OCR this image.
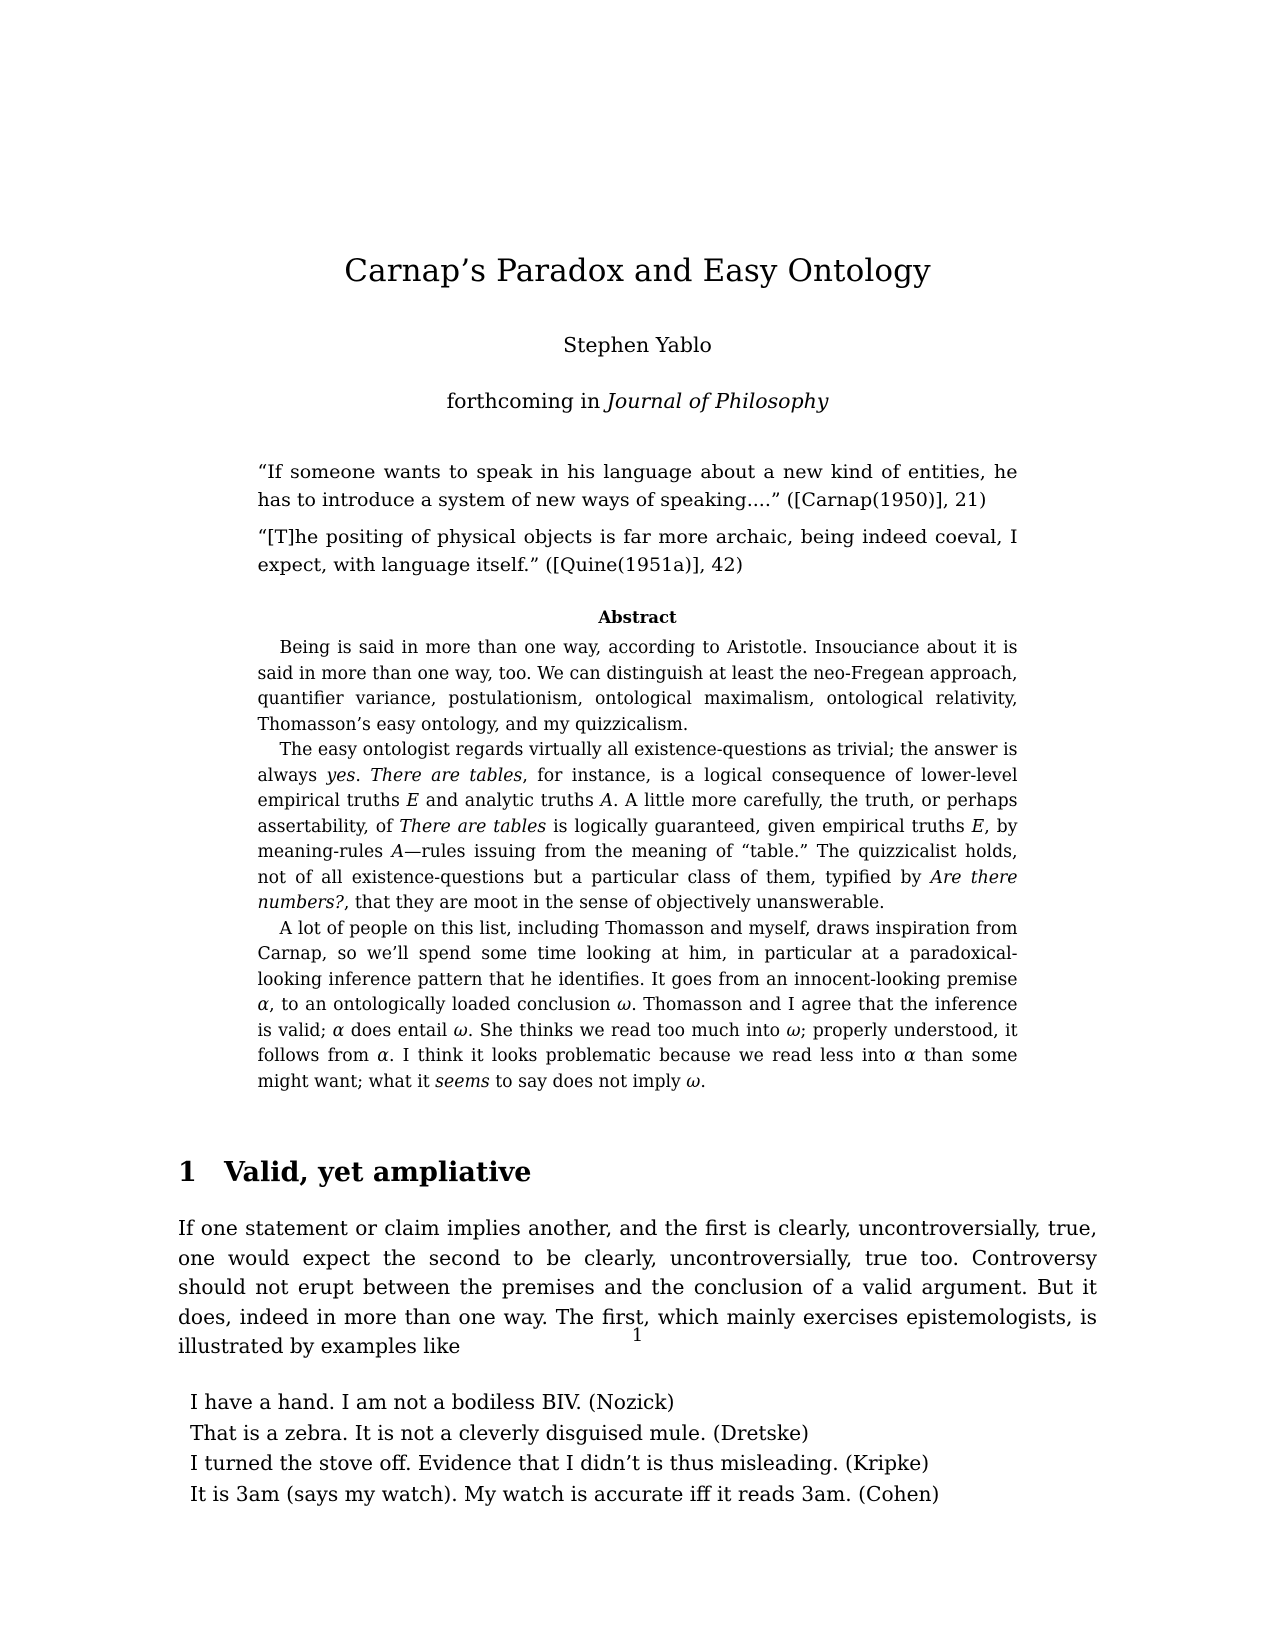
Carnap’s Paradox and Easy Ontology
Stephen Yablo
forthcoming in Journal of Philosophy

“If someone wants to speak in his language about a new kind of entities, he has to introduce a system of new ways of speaking....” ([Carnap(1950)], 21)

“[T]he positing of physical objects is far more archaic, being indeed coeval, I expect, with language itself.” ([Quine(1951a)], 42)

Abstract

Being is said in more than one way, according to Aristotle. Insouciance about it is said in more than one way, too. We can distinguish at least the neo-Fregean approach, quantifier variance, postulationism, ontological maximalism, ontological relativity, Thomasson’s easy ontology, and my quizzicalism.

The easy ontologist regards virtually all existence-questions as trivial; the answer is always yes. There are tables, for instance, is a logical consequence of lower-level empirical truths E and analytic truths A. A little more carefully, the truth, or perhaps assertability, of There are tables is logically guaranteed, given empirical truths E, by meaning-rules A—rules issuing from the meaning of “table.” The quizzicalist holds, not of all existence-questions but a particular class of them, typified by Are there numbers?, that they are moot in the sense of objectively unanswerable.

A lot of people on this list, including Thomasson and myself, draws inspiration from Carnap, so we’ll spend some time looking at him, in particular at a paradoxical-looking inference pattern that he identifies. It goes from an innocent-looking premise α, to an ontologically loaded conclusion ω. Thomasson and I agree that the inference is valid; α does entail ω. She thinks we read too much into ω; properly understood, it follows from α. I think it looks problematic because we read less into α than some might want; what it seems to say does not imply ω.

1 Valid, yet ampliative

If one statement or claim implies another, and the first is clearly, uncontroversially, true, one would expect the second to be clearly, uncontroversially, true too. Controversy should not erupt between the premises and the conclusion of a valid argument. But it does, indeed in more than one way. The first, which mainly exercises epistemologists, is illustrated by examples like

I have a hand. I am not a bodiless BIV. (Nozick)

That is a zebra. It is not a cleverly disguised mule. (Dretske)

I turned the stove off. Evidence that I didn’t is thus misleading. (Kripke)

It is 3am (says my watch). My watch is accurate iff it reads 3am. (Cohen)

1
